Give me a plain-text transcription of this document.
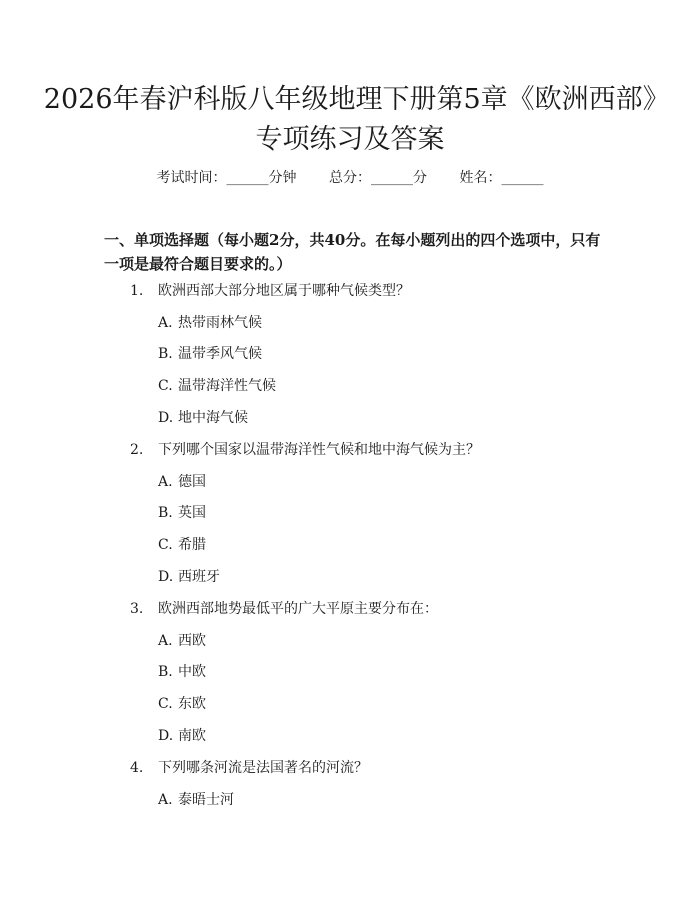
2026年春沪科版八年级地理下册第5章《欧洲西部》专项练习及答案
考试时间：______分钟 总分：______分 姓名：______

一、单项选择题（每小题2分，共40分。在每小题列出的四个选项中，只有一项是最符合题目要求的。）

1. 欧洲西部大部分地区属于哪种气候类型？
A. 热带雨林气候
B. 温带季风气候
C. 温带海洋性气候
D. 地中海气候
2. 下列哪个国家以温带海洋性气候和地中海气候为主？
A. 德国
B. 英国
C. 希腊
D. 西班牙
3. 欧洲西部地势最低平的广大平原主要分布在：
A. 西欧
B. 中欧
C. 东欧
D. 南欧
4. 下列哪条河流是法国著名的河流？
A. 泰晤士河
